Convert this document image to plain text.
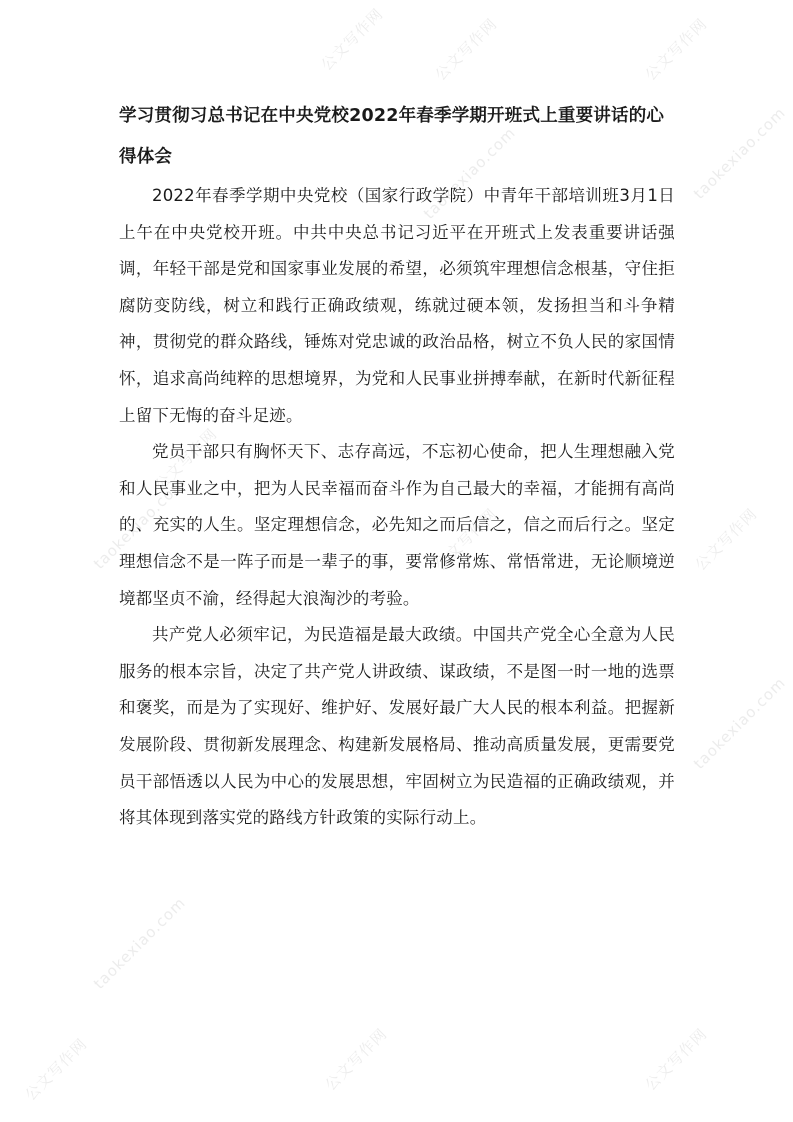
公文写作网	公文写作网	公文写作网
taokexiao.com	taokexiao.com
公文写作网
taokexiao.com	公文写作网	公文写作网
taokexiao.com
taokexiao.com
公文写作网	公文写作网
公文写作网
学习贯彻习总书记在中央党校2022年春季学期开班式上重要讲话的心得体会

2022年春季学期中央党校（国家行政学院）中青年干部培训班3月1日上午在中央党校开班。中共中央总书记习近平在开班式上发表重要讲话强调，年轻干部是党和国家事业发展的希望，必须筑牢理想信念根基，守住拒腐防变防线，树立和践行正确政绩观，练就过硬本领，发扬担当和斗争精神，贯彻党的群众路线，锤炼对党忠诚的政治品格，树立不负人民的家国情怀，追求高尚纯粹的思想境界，为党和人民事业拼搏奉献，在新时代新征程上留下无悔的奋斗足迹。

党员干部只有胸怀天下、志存高远，不忘初心使命，把人生理想融入党和人民事业之中，把为人民幸福而奋斗作为自己最大的幸福，才能拥有高尚的、充实的人生。坚定理想信念，必先知之而后信之，信之而后行之。坚定理想信念不是一阵子而是一辈子的事，要常修常炼、常悟常进，无论顺境逆境都坚贞不渝，经得起大浪淘沙的考验。

共产党人必须牢记，为民造福是最大政绩。中国共产党全心全意为人民服务的根本宗旨，决定了共产党人讲政绩、谋政绩，不是图一时一地的选票和褒奖，而是为了实现好、维护好、发展好最广大人民的根本利益。把握新发展阶段、贯彻新发展理念、构建新发展格局、推动高质量发展，更需要党员干部悟透以人民为中心的发展思想，牢固树立为民造福的正确政绩观，并将其体现到落实党的路线方针政策的实际行动上。
